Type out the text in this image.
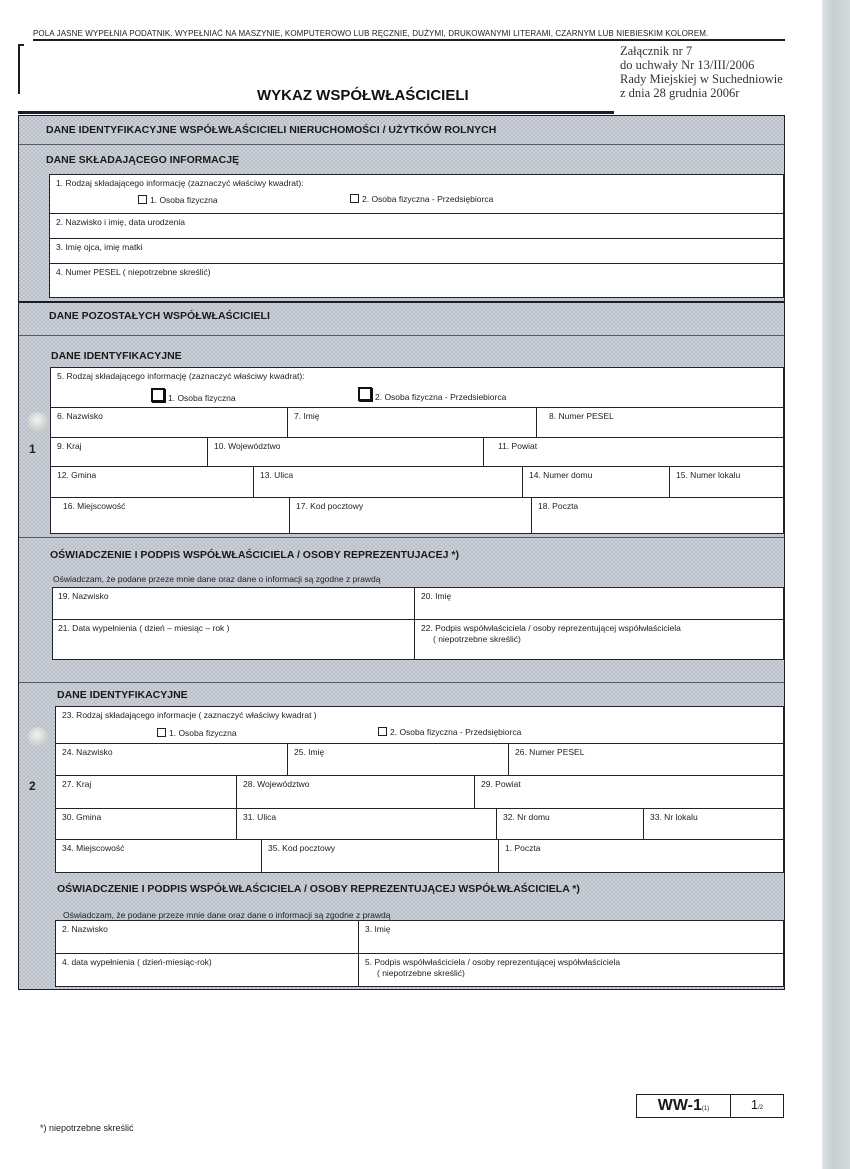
POLA JASNE WYPEŁNIA PODATNIK. WYPEŁNIAĆ NA MASZYNIE, KOMPUTEROWO LUB RĘCZNIE, DUŻYMI, DRUKOWANYMI LITERAMI, CZARNYM LUB NIEBIESKIM KOLOREM.
Załącznik nr 7
do uchwały Nr 13/III/2006
Rady Miejskiej w Suchedniowie
z dnia 28 grudnia 2006r
WYKAZ WSPÓŁWŁAŚCICIELI
DANE IDENTYFIKACYJNE WSPÓŁWŁAŚCICIELI NIERUCHOMOŚCI / UŻYTKÓW ROLNYCH
DANE SKŁADAJĄCEGO INFORMACJĘ
1. Rodzaj składającego informację (zaznaczyć właściwy kwadrat):
1. Osoba fizyczna	2. Osoba fizyczna - Przedsiębiorca
2. Nazwisko i imię, data urodzenia
3. Imię ojca, imię matki
4. Numer PESEL ( niepotrzebne skreślić)
DANE POZOSTAŁYCH WSPÓŁWŁAŚCICIELI
DANE IDENTYFIKACYJNE
1
5. Rodzaj składającego informację (zaznaczyć właściwy kwadrat):
1. Osoba fizyczna	2. Osoba fizyczna - Przedsiebiorca
6. Nazwisko	7. Imię	8. Numer PESEL
9. Kraj	10. Województwo	11. Powiat
12. Gmina	13. Ulica	14. Numer domu	15. Numer lokalu
16. Miejscowość	17. Kod pocztowy	18. Poczta
OŚWIADCZENIE I PODPIS WSPÓŁWŁAŚCICIELA / OSOBY REPREZENTUJACEJ *)
Oświadczam, że podane przeze mnie dane oraz dane o informacji są zgodne z prawdą
19. Nazwisko	20. Imię
21. Data wypełnienia ( dzień – miesiąc – rok )	22. Podpis współwłaściciela / osoby reprezentującej współwłaściciela
( niepotrzebne skreślić)
DANE IDENTYFIKACYJNE
2
23. Rodzaj składającego informacje ( zaznaczyć właściwy kwadrat )
1. Osoba fizyczna	2. Osoba fizyczna - Przedsiębiorca
24. Nazwisko	25. Imię	26. Numer PESEL
27. Kraj	28. Województwo	29. Powiat
30. Gmina	31. Ulica	32. Nr domu	33. Nr lokalu
34. Miejscowość	35. Kod pocztowy	1. Poczta
OŚWIADCZENIE I PODPIS WSPÓŁWŁAŚCICIELA / OSOBY REPREZENTUJĄCEJ WSPÓŁWŁAŚCICIELA *)
Oświadczam, że podane przeze mnie dane oraz dane o informacji są zgodne z prawdą
2. Nazwisko	3. Imię
4. data wypełnienia ( dzień-miesiąc-rok)	5. Podpis współwłaściciela / osoby reprezentującej współwłaściciela
( niepotrzebne skreślić)
WW-1 (1)	1 /2
*) niepotrzebne skreślić
